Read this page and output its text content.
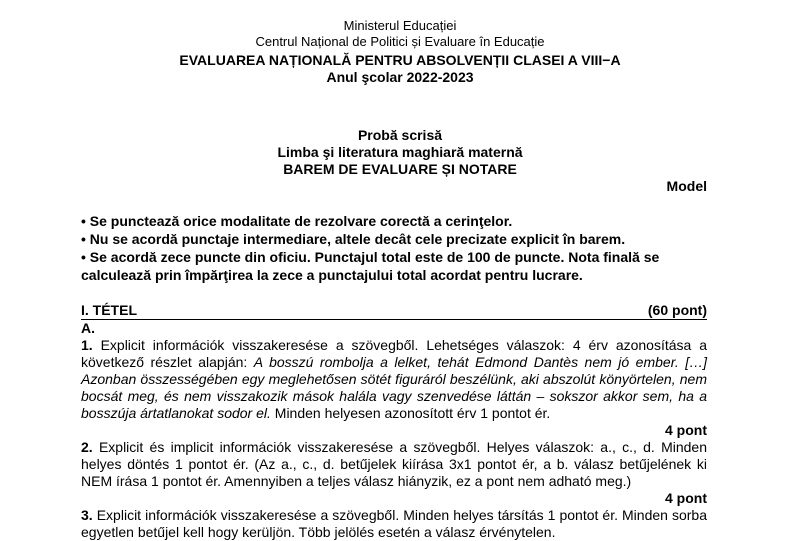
Ministerul Educației
Centrul Național de Politici și Evaluare în Educație
EVALUAREA NAȚIONALĂ PENTRU ABSOLVENȚII CLASEI A VIII−A
Anul şcolar 2022-2023
Probă scrisă
Limba şi literatura maghiară maternă
BAREM DE EVALUARE ȘI NOTARE
Model

• Se punctează orice modalitate de rezolvare corectă a cerinţelor.

• Nu se acordă punctaje intermediare, altele decât cele precizate explicit în barem.

• Se acordă zece puncte din oficiu. Punctajul total este de 100 de puncte. Nota finală se calculează prin împărţirea la zece a punctajului total acordat pentru lucrare.

I. TÉTEL	(60 pont)
A.

1. Explicit információk visszakeresése a szövegből. Lehetséges válaszok: 4 érv azonosítása a következő részlet alapján: A bosszú rombolja a lelket, tehát Edmond Dantès nem jó ember. […] Azonban összességében egy meglehetősen sötét figuráról beszélünk, aki abszolút könyörtelen, nem bocsát meg, és nem visszakozik mások halála vagy szenvedése láttán – sokszor akkor sem, ha a bosszúja ártatlanokat sodor el. Minden helyesen azonosított érv 1 pontot ér.

4 pont

2. Explicit és implicit információk visszakeresése a szövegből. Helyes válaszok: a., c., d. Minden helyes döntés 1 pontot ér. (Az a., c., d. betűjelek kiírása 3x1 pontot ér, a b. válasz betűjelének ki NEM írása 1 pontot ér. Amennyiben a teljes válasz hiányzik, ez a pont nem adható meg.)

4 pont

3. Explicit információk visszakeresése a szövegből. Minden helyes társítás 1 pontot ér. Minden sorba egyetlen betűjel kell hogy kerüljön. Több jelölés esetén a válasz érvénytelen.
